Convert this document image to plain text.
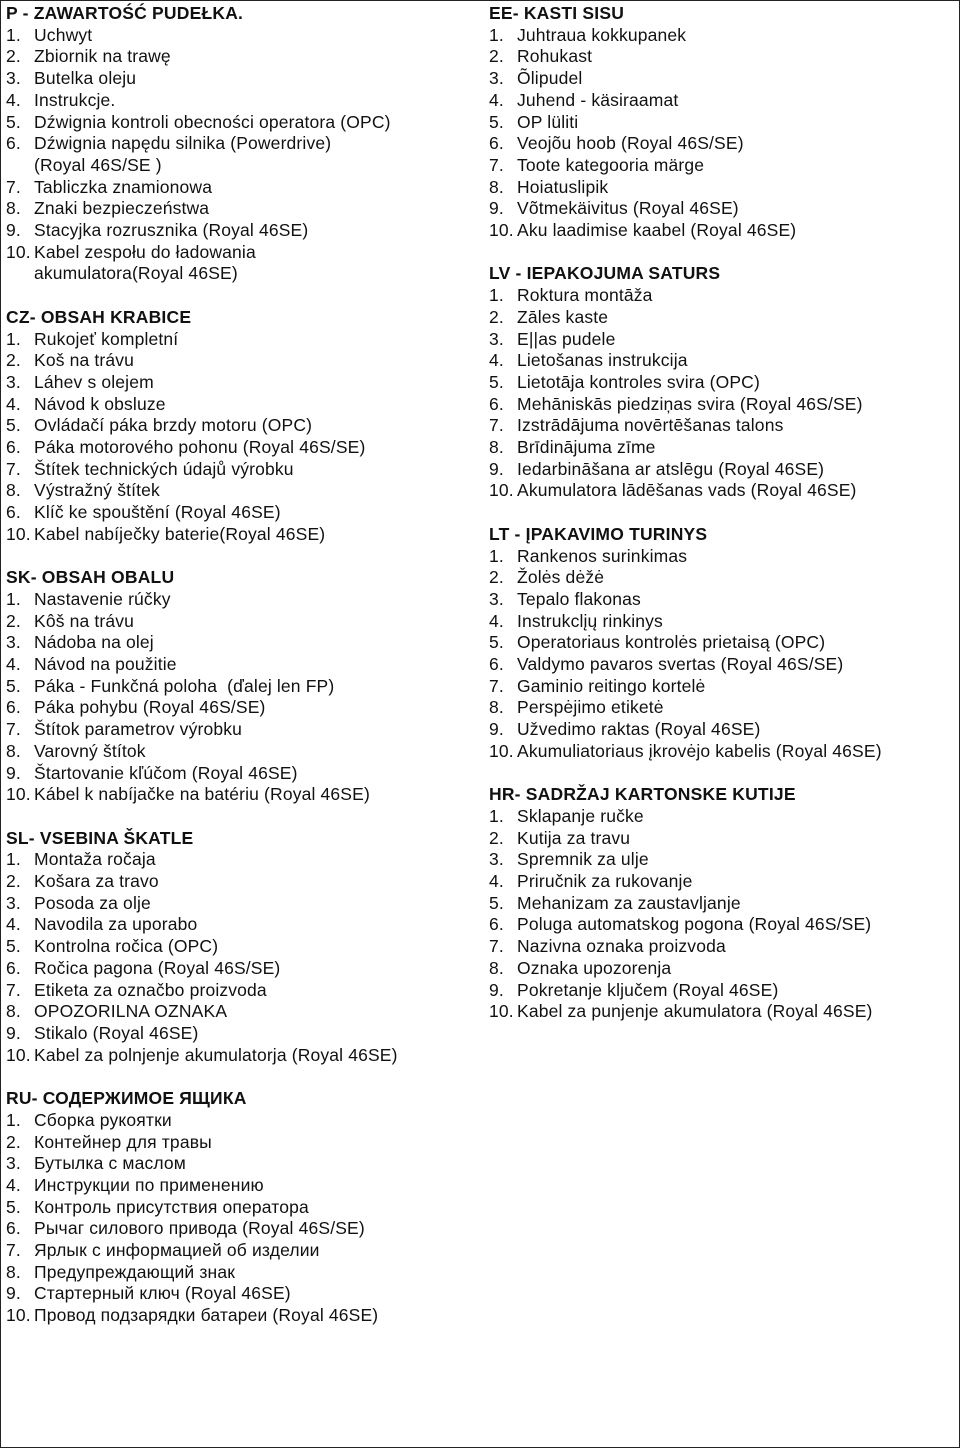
P - ZAWARTOŚĆ PUDEŁKA.
1. Uchwyt
2. Zbiornik na trawę
3. Butelka oleju
4. Instrukcje.
5. Dźwignia kontroli obecności operatora (OPC)
6. Dźwignia napędu silnika (Powerdrive)
(Royal 46S/SE )
7. Tabliczka znamionowa
8. Znaki bezpieczeństwa
9. Stacyjka rozrusznika (Royal 46SE)
10. Kabel zespołu do ładowania
akumulatora(Royal 46SE)
CZ- OBSAH KRABICE
1. Rukojeť kompletní
2. Koš na trávu
3. Láhev s olejem
4. Návod k obsluze
5. Ovládačí páka brzdy motoru (OPC)
6. Páka motorového pohonu (Royal 46S/SE)
7. Štítek technických údajů výrobku
8. Výstražný štítek
6. Klíč ke spouštění (Royal 46SE)
10. Kabel nabíječky baterie(Royal 46SE)
SK- OBSAH OBALU
1. Nastavenie rúčky
2. Kôš na trávu
3. Nádoba na olej
4. Návod na použitie
5. Páka - Funkčná poloha  (ďalej len FP)
6. Páka pohybu (Royal 46S/SE)
7. Štítok parametrov výrobku
8. Varovný štítok
9. Štartovanie kľúčom (Royal 46SE)
10. Kábel k nabíjačke na batériu (Royal 46SE)
SL- VSEBINA ŠKATLE
1. Montaža ročaja
2. Košara za travo
3. Posoda za olje
4. Navodila za uporabo
5. Kontrolna ročica (OPC)
6. Ročica pagona (Royal 46S/SE)
7. Etiketa za označbo proizvoda
8. OPOZORILNA OZNAKA
9. Stikalo (Royal 46SE)
10. Kabel za polnjenje akumulatorja (Royal 46SE)
RU- СОДЕРЖИМОЕ ЯЩИКА
1. Сборка рукоятки
2. Контейнер для травы
3. Бутылка с маслом
4. Инструкции по применению
5. Контроль присутствия оператора
6. Рычаг силового привода (Royal 46S/SE)
7. Ярлык с информацией об изделии
8. Предупреждающий знак
9. Стартерный ключ (Royal 46SE)
10. Провод подзарядки батареи (Royal 46SE)
EE- KASTI SISU
1. Juhtraua kokkupanek
2. Rohukast
3. Õlipudel
4. Juhend - käsiraamat
5. OP lüliti
6. Veojõu hoob (Royal 46S/SE)
7. Toote kategooria märge
8. Hoiatuslipik
9. Võtmekäivitus (Royal 46SE)
10. Aku laadimise kaabel (Royal 46SE)
LV - IEPAKOJUMA SATURS
1. Roktura montāža
2. Zāles kaste
3. E||as pudele
4. Lietošanas instrukcija
5. Lietotāja kontroles svira (OPC)
6. Mehāniskās piedziņas svira (Royal 46S/SE)
7. Izstrādājuma novērtēšanas talons
8. Brīdinājuma zīme
9. Iedarbināšana ar atslēgu (Royal 46SE)
10. Akumulatora lādēšanas vads (Royal 46SE)
LT - ĮPAKAVIMO TURINYS
1. Rankenos surinkimas
2. Žolės dėžė
3. Tepalo flakonas
4. Instrukclįų rinkinys
5. Operatoriaus kontrolės prietaisą (OPC)
6. Valdymo pavaros svertas (Royal 46S/SE)
7. Gaminio reitingo kortelė
8. Perspėjimo etiketė
9. Užvedimo raktas (Royal 46SE)
10. Akumuliatoriaus įkrovėjo kabelis (Royal 46SE)
HR- SADRŽAJ KARTONSKE KUTIJE
1. Sklapanje ručke
2. Kutija za travu
3. Spremnik za ulje
4. Priručnik za rukovanje
5. Mehanizam za zaustavljanje
6. Poluga automatskog pogona (Royal 46S/SE)
7. Nazivna oznaka proizvoda
8. Oznaka upozorenja
9. Pokretanje ključem (Royal 46SE)
10. Kabel za punjenje akumulatora (Royal 46SE)
